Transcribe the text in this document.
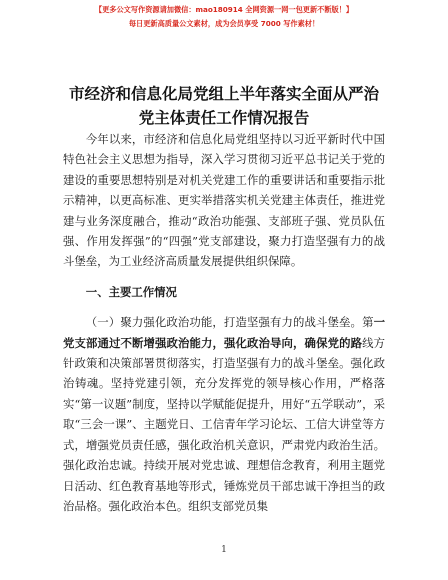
【更多公文写作资源请加微信：mao180914 全网资源一网一包更新不断版！】
每日更新高质量公文素材，成为会员享受 7000 写作素材！
市经济和信息化局党组上半年落实全面从严治
党主体责任工作情况报告

今年以来，市经济和信息化局党组坚持以习近平新时代中国特色社会主义思想为指导，深入学习贯彻习近平总书记关于党的建设的重要思想特别是对机关党建工作的重要讲话和重要指示批示精神，以更高标准、更实举措落实机关党建主体责任，推进党建与业务深度融合，推动“政治功能强、支部班子强、党员队伍强、作用发挥强”的“四强”党支部建设，聚力打造坚强有力的战斗堡垒，为工业经济高质量发展提供组织保障。

一、主要工作情况

（一）聚力强化政治功能，打造坚强有力的战斗堡垒。第一党支部通过不断增强政治能力，强化政治导向，确保党的路线方针政策和决策部署贯彻落实，打造坚强有力的战斗堡垒。强化政治铸魂。坚持党建引领，充分发挥党的领导核心作用，严格落实“第一议题”制度，坚持以学赋能促提升，用好“五学联动”，采取“三会一课”、主题党日、工信青年学习论坛、工信大讲堂等方式，增强党员责任感，强化政治机关意识，严肃党内政治生活。强化政治忠诚。持续开展对党忠诚、理想信念教育，利用主题党日活动、红色教育基地等形式，锤炼党员干部忠诚干净担当的政治品格。强化政治本色。组织支部党员集

1
